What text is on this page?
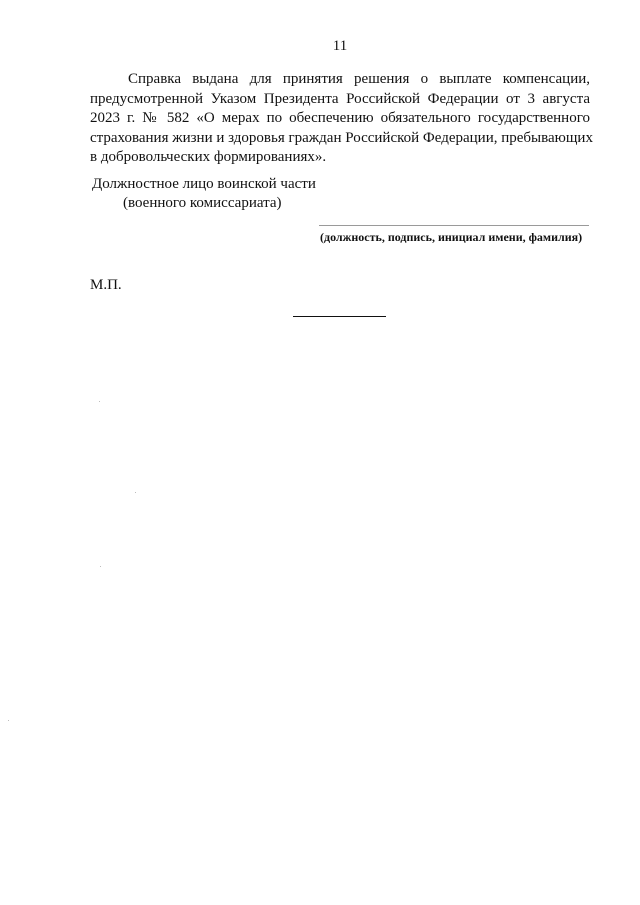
11

Справка выдана для принятия решения о выплате компенсации,
предусмотренной Указом Президента Российской Федерации от 3 августа
2023 г. № 582 «О мерах по обеспечению обязательного государственного
страхования жизни и здоровья граждан Российской Федерации, пребывающих
в добровольческих формированиях».

Должностное лицо воинской части
(военного комиссариата)
(должность, подпись, инициал имени, фамилия)
М.П.
